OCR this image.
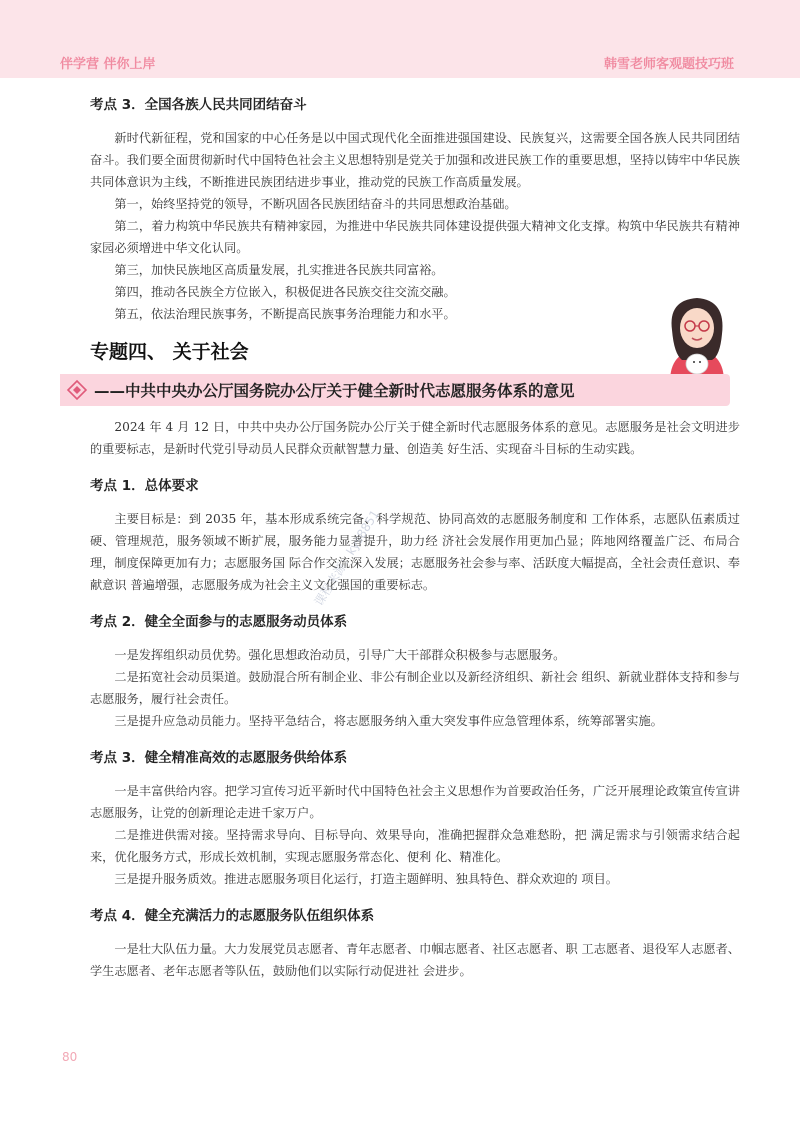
伴学营 伴你上岸	韩雪老师客观题技巧班
考点 3．全国各族人民共同团结奋斗

新时代新征程，党和国家的中心任务是以中国式现代化全面推进强国建设、民族复兴，这需要全国各族人民共同团结奋斗。我们要全面贯彻新时代中国特色社会主义思想特别是党关于加强和改进民族工作的重要思想，坚持以铸牢中华民族共同体意识为主线，不断推进民族团结进步事业，推动党的民族工作高质量发展。

第一，始终坚持党的领导，不断巩固各民族团结奋斗的共同思想政治基础。

第二，着力构筑中华民族共有精神家园，为推进中华民族共同体建设提供强大精神文化支撑。构筑中华民族共有精神家园必须增进中华文化认同。

第三，加快民族地区高质量发展，扎实推进各民族共同富裕。

第四，推动各民族全方位嵌入，积极促进各民族交往交流交融。

第五，依法治理民族事务，不断提高民族事务治理能力和水平。

专题四、 关于社会
——中共中央办公厅国务院办公厅关于健全新时代志愿服务体系的意见

2024 年 4 月 12 日，中共中央办公厅国务院办公厅关于健全新时代志愿服务体系的意见。志愿服务是社会文明进步的重要标志，是新时代党引导动员人民群众贡献智慧力量、创造美 好生活、实现奋斗目标的生动实践。

考点 1．总体要求

主要目标是：到 2035 年，基本形成系统完备、科学规范、协同高效的志愿服务制度和 工作体系，志愿队伍素质过硬、管理规范，服务领域不断扩展，服务能力显著提升，助力经 济社会发展作用更加凸显；阵地网络覆盖广泛、布局合理，制度保障更加有力；志愿服务国 际合作交流深入发展；志愿服务社会参与率、活跃度大幅提高，全社会责任意识、奉献意识 普遍增强，志愿服务成为社会主义文化强国的重要标志。

考点 2．健全全面参与的志愿服务动员体系

一是发挥组织动员优势。强化思想政治动员，引导广大干部群众积极参与志愿服务。

二是拓宽社会动员渠道。鼓励混合所有制企业、非公有制企业以及新经济组织、新社会 组织、新就业群体支持和参与志愿服务，履行社会责任。

三是提升应急动员能力。坚持平急结合，将志愿服务纳入重大突发事件应急管理体系，统筹部署实施。

考点 3．健全精准高效的志愿服务供给体系

一是丰富供给内容。把学习宣传习近平新时代中国特色社会主义思想作为首要政治任务，广泛开展理论政策宣传宣讲志愿服务，让党的创新理论走进千家万户。

二是推进供需对接。坚持需求导向、目标导向、效果导向，准确把握群众急难愁盼，把 满足需求与引领需求结合起来，优化服务方式，形成长效机制，实现志愿服务常态化、便利 化、精准化。

三是提升服务质效。推进志愿服务项目化运行，打造主题鲜明、独具特色、群众欢迎的 项目。

考点 4．健全充满活力的志愿服务队伍组织体系

一是壮大队伍力量。大力发展党员志愿者、青年志愿者、巾帼志愿者、社区志愿者、职 工志愿者、退役军人志愿者、学生志愿者、老年志愿者等队伍，鼓励他们以实际行动促进社 会进步。

课程来源：kys8851
80
